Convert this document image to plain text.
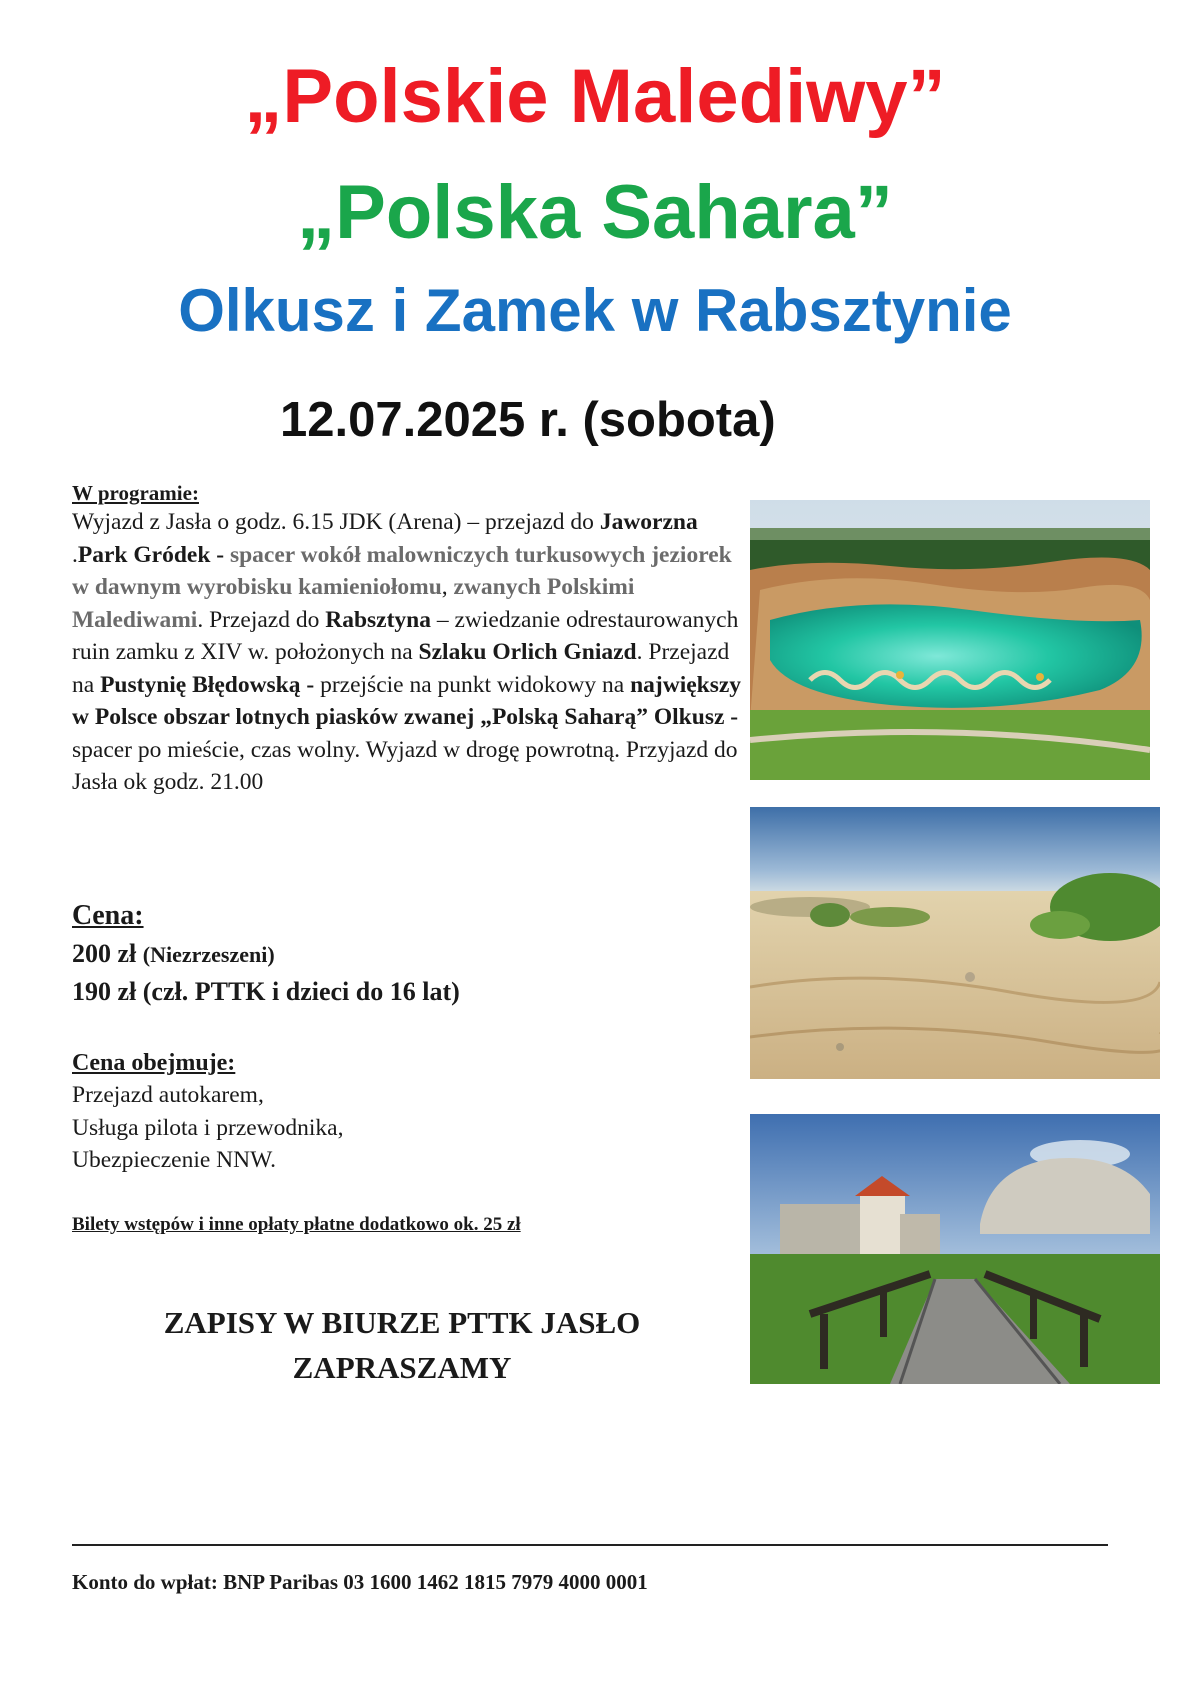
„Polskie Malediwy”
„Polska Sahara”
Olkusz i Zamek w Rabsztynie
12.07.2025 r. (sobota)
W programie:
Wyjazd z Jasła o godz. 6.15 JDK (Arena) – przejazd do Jaworzna .Park Gródek - spacer wokół malowniczych turkusowych jeziorek w dawnym wyrobisku kamieniołomu, zwanych Polskimi Malediwami. Przejazd do Rabsztyna – zwiedzanie odrestaurowanych ruin zamku z XIV w. położonych na Szlaku Orlich Gniazd. Przejazd na Pustynię Błędowską - przejście na punkt widokowy na największy w Polsce obszar lotnych piasków zwanej „Polską Saharą” Olkusz - spacer po mieście, czas wolny. Wyjazd w drogę powrotną. Przyjazd do Jasła ok godz. 21.00
Cena:
200 zł (Niezrzeszeni)
190 zł (czł. PTTK i dzieci do 16 lat)
Cena obejmuje:
Przejazd autokarem,
Usługa pilota i przewodnika,
Ubezpieczenie NNW.
Bilety wstępów i inne opłaty płatne dodatkowo ok. 25 zł
ZAPISY W BIURZE PTTK JASŁO
ZAPRASZAMY
Konto do wpłat: BNP Paribas 03 1600 1462 1815 7979 4000 0001
